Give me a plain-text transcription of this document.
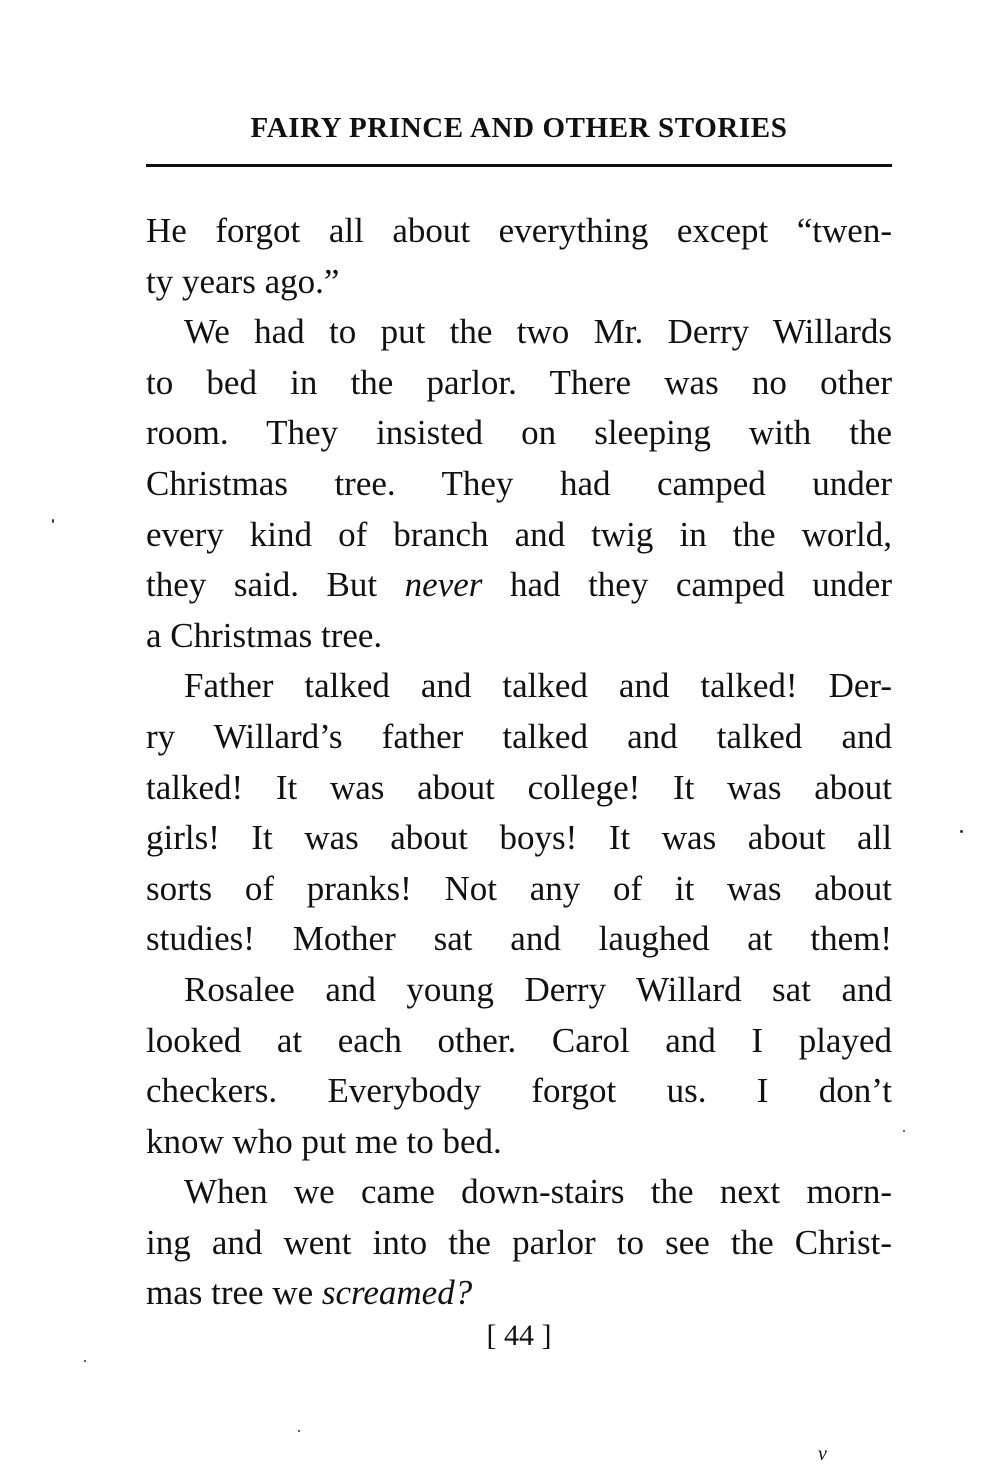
FAIRY PRINCE AND OTHER STORIES
He forgot all about everything except “twen-
ty years ago.”
We had to put the two Mr. Derry Willards
to bed in the parlor. There was no other
room. They insisted on sleeping with the
Christmas tree. They had camped under
every kind of branch and twig in the world,
they said. But never had they camped under
a Christmas tree.
Father talked and talked and talked! Der-
ry Willard’s father talked and talked and
talked! It was about college! It was about
girls! It was about boys! It was about all
sorts of pranks! Not any of it was about
studies! Mother sat and laughed at them!
Rosalee and young Derry Willard sat and
looked at each other. Carol and I played
checkers. Everybody forgot us. I don’t
know who put me to bed.
When we came down-stairs the next morn-
ing and went into the parlor to see the Christ-
mas tree we screamed?
[ 44 ]
v
